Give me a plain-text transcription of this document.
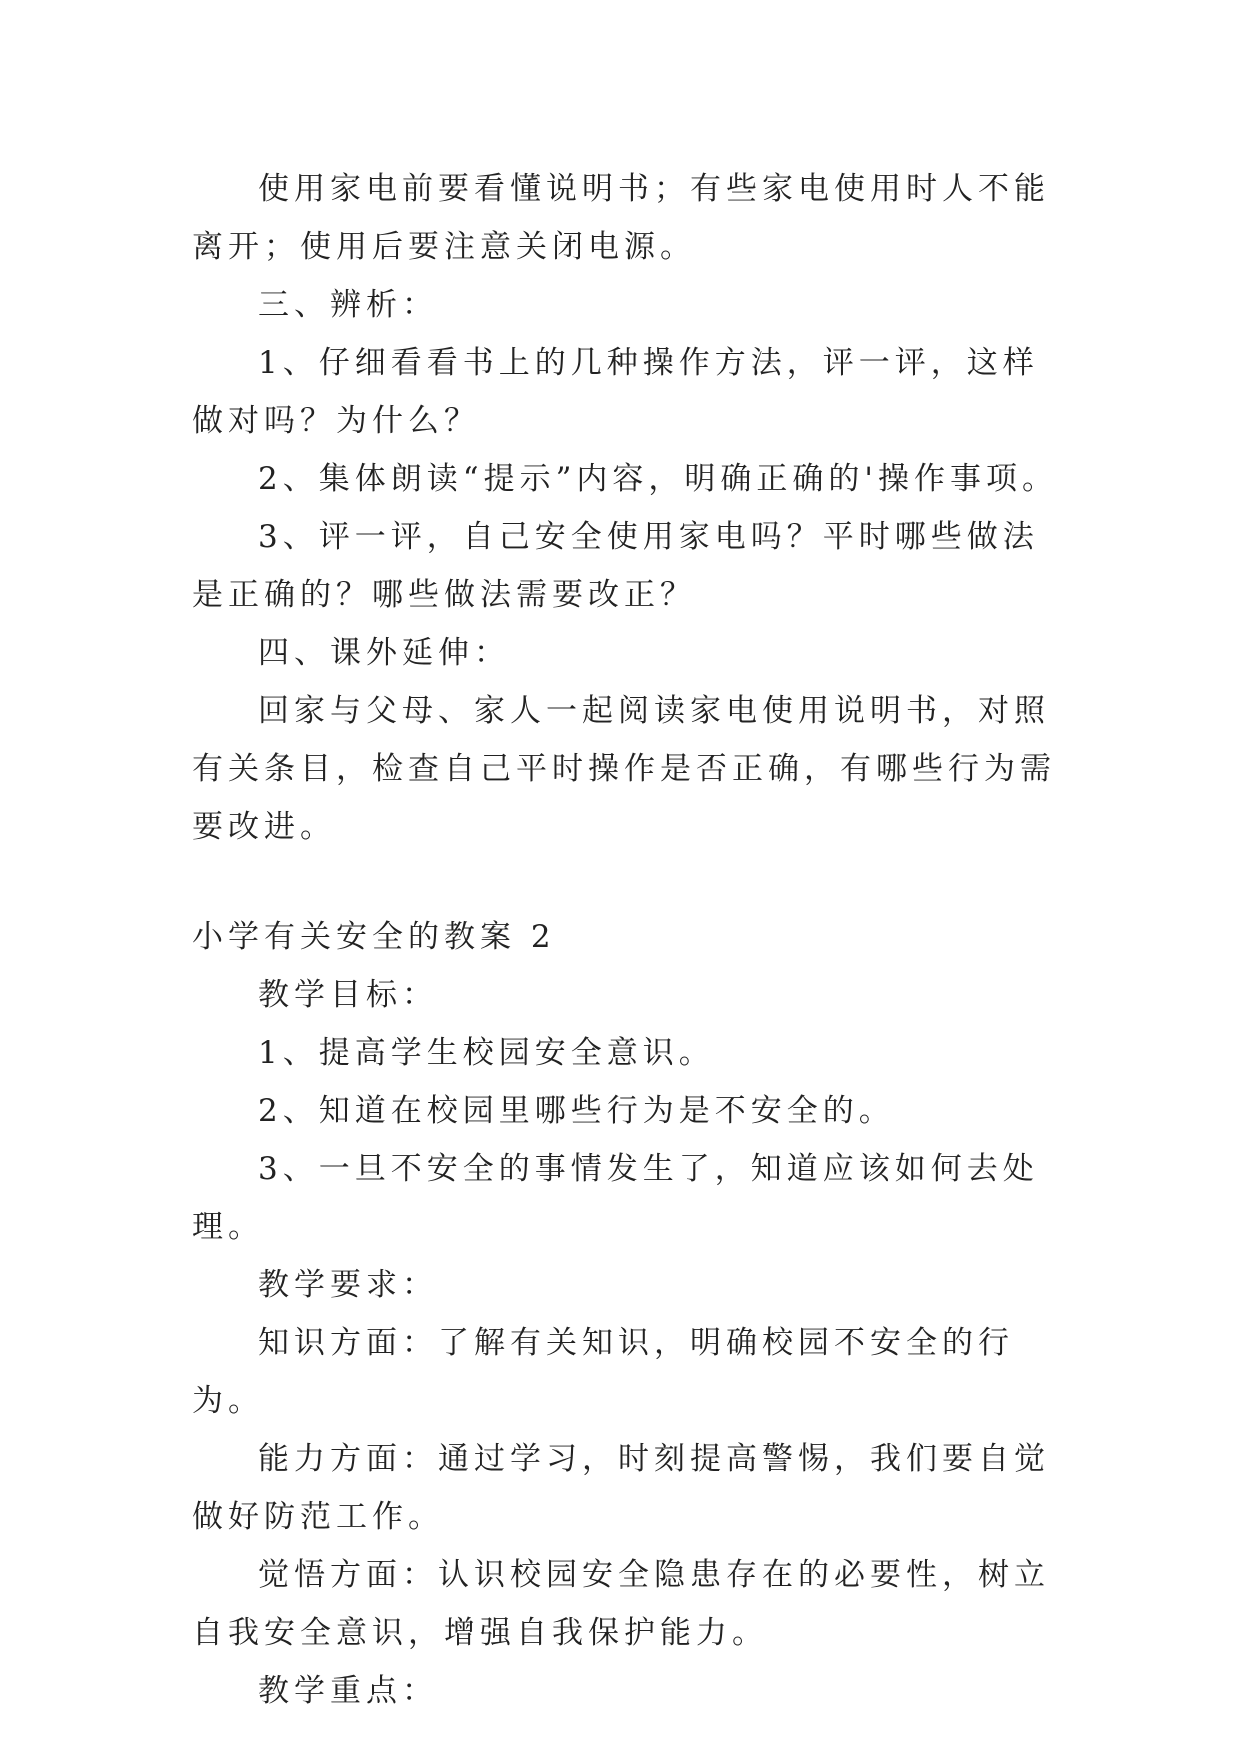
使用家电前要看懂说明书；有些家电使用时人不能离开；使用后要注意关闭电源。

三、辨析：

1、仔细看看书上的几种操作方法，评一评，这样做对吗？为什么？

2、集体朗读“提示”内容，明确正确的'操作事项。

3、评一评，自己安全使用家电吗？平时哪些做法是正确的？哪些做法需要改正？

四、课外延伸：

回家与父母、家人一起阅读家电使用说明书，对照有关条目，检查自己平时操作是否正确，有哪些行为需要改进。

小学有关安全的教案 2

教学目标：

1、提高学生校园安全意识。

2、知道在校园里哪些行为是不安全的。

3、一旦不安全的事情发生了，知道应该如何去处理。

教学要求：

知识方面：了解有关知识，明确校园不安全的行为。

能力方面：通过学习，时刻提高警惕，我们要自觉做好防范工作。

觉悟方面：认识校园安全隐患存在的必要性，树立自我安全意识，增强自我保护能力。

教学重点：
